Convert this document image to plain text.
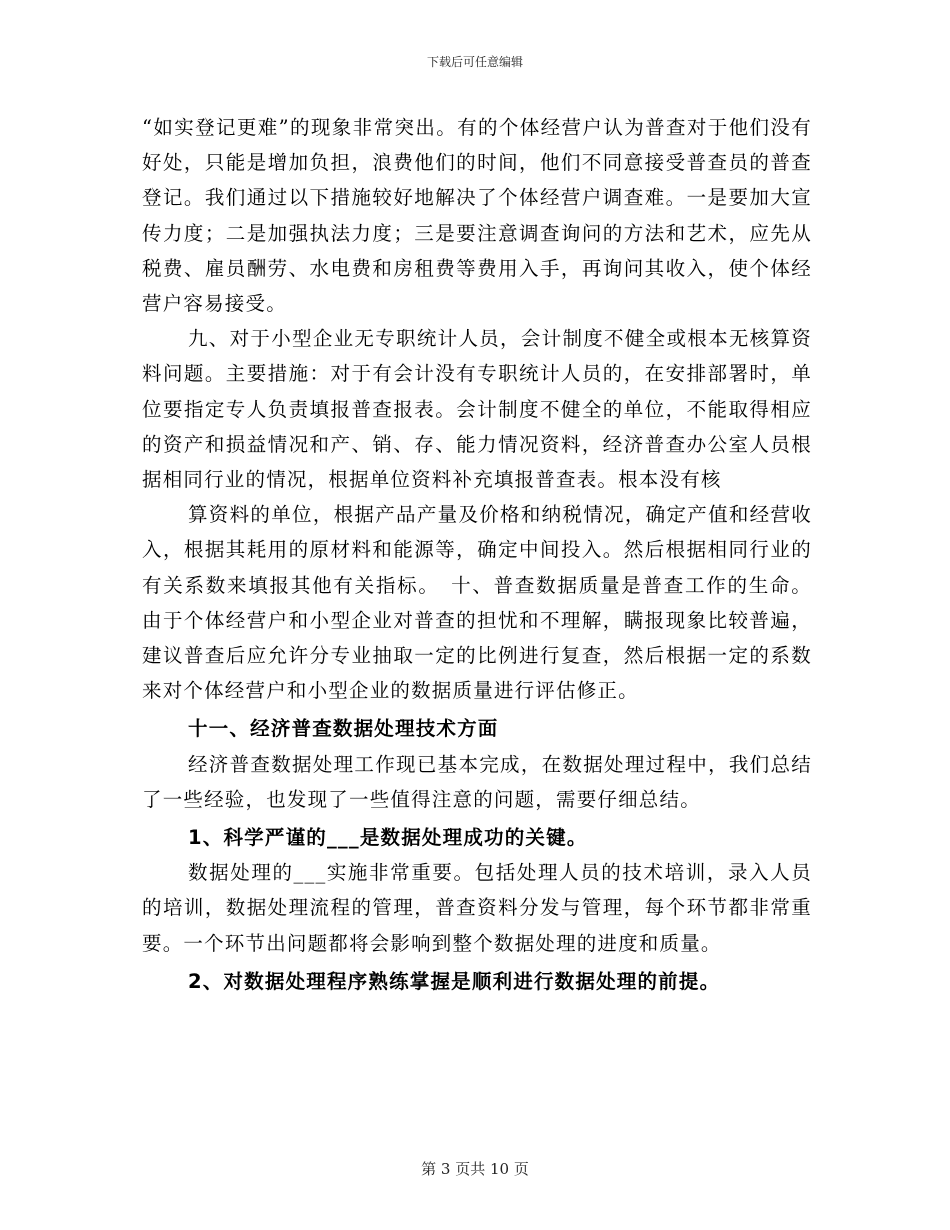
下载后可任意编辑

“如实登记更难”的现象非常突出。有的个体经营户认为普查对于他们没有好处，只能是增加负担，浪费他们的时间，他们不同意接受普查员的普查登记。我们通过以下措施较好地解决了个体经营户调查难。一是要加大宣传力度；二是加强执法力度；三是要注意调查询问的方法和艺术，应先从税费、雇员酬劳、水电费和房租费等费用入手，再询问其收入，使个体经营户容易接受。

九、对于小型企业无专职统计人员，会计制度不健全或根本无核算资料问题。主要措施：对于有会计没有专职统计人员的，在安排部署时，单位要指定专人负责填报普查报表。会计制度不健全的单位，不能取得相应的资产和损益情况和产、销、存、能力情况资料，经济普查办公室人员根据相同行业的情况，根据单位资料补充填报普查表。根本没有核

算资料的单位，根据产品产量及价格和纳税情况，确定产值和经营收入，根据其耗用的原材料和能源等，确定中间投入。然后根据相同行业的有关系数来填报其他有关指标。　十、普查数据质量是普查工作的生命。由于个体经营户和小型企业对普查的担忧和不理解，瞒报现象比较普遍，建议普查后应允许分专业抽取一定的比例进行复查，然后根据一定的系数来对个体经营户和小型企业的数据质量进行评估修正。

十一、经济普查数据处理技术方面

经济普查数据处理工作现已基本完成，在数据处理过程中，我们总结了一些经验，也发现了一些值得注意的问题，需要仔细总结。

1、科学严谨的___是数据处理成功的关键。

数据处理的___实施非常重要。包括处理人员的技术培训，录入人员的培训，数据处理流程的管理，普查资料分发与管理，每个环节都非常重要。一个环节出问题都将会影响到整个数据处理的进度和质量。

2、对数据处理程序熟练掌握是顺利进行数据处理的前提。

第 3 页共 10 页
